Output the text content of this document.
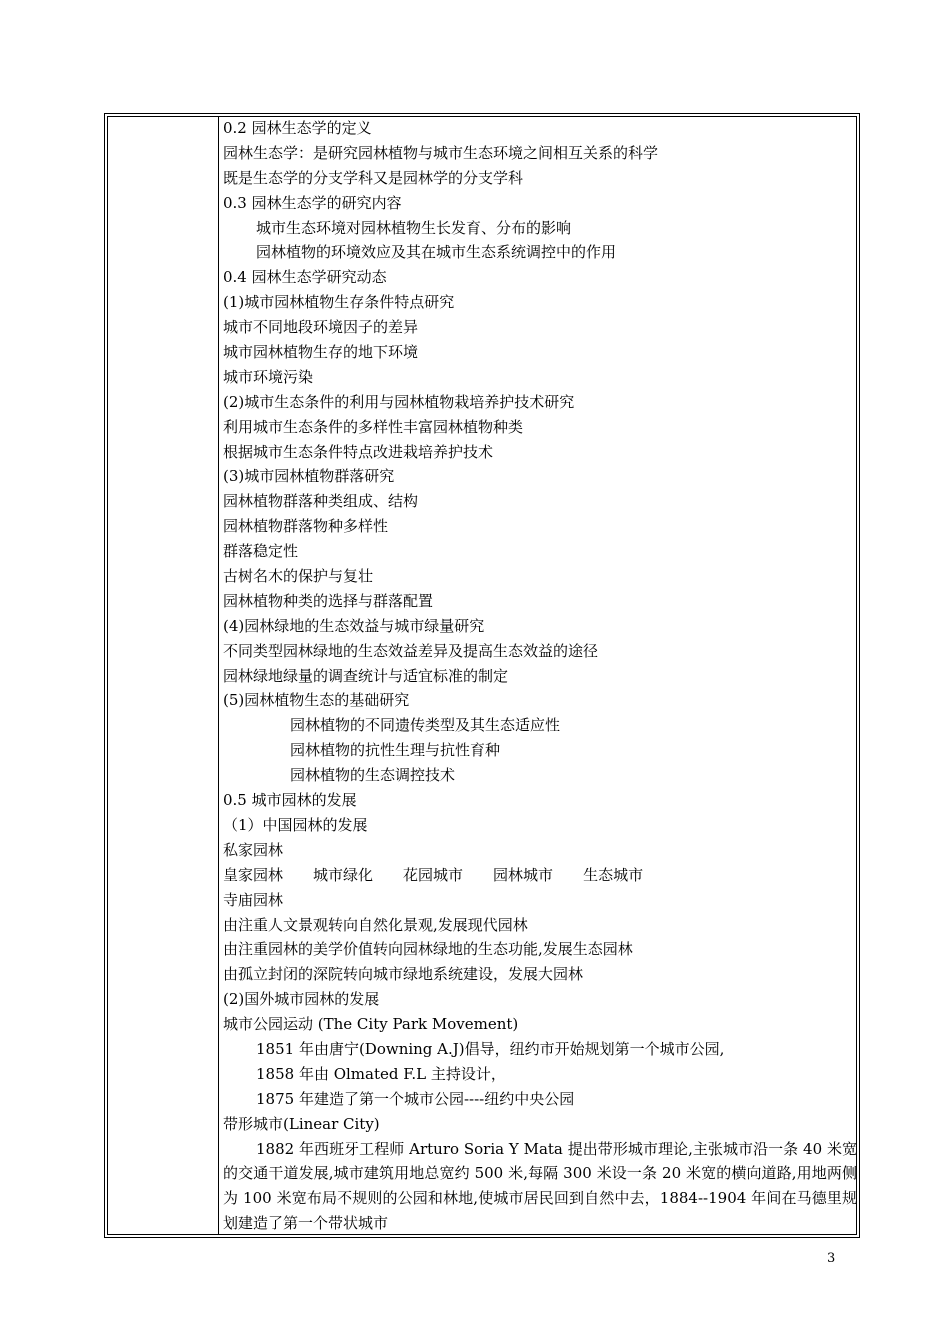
0.2 园林生态学的定义
园林生态学：是研究园林植物与城市生态环境之间相互关系的科学
既是生态学的分支学科又是园林学的分支学科
0.3 园林生态学的研究内容
城市生态环境对园林植物生长发育、分布的影响
园林植物的环境效应及其在城市生态系统调控中的作用
0.4 园林生态学研究动态
(1)城市园林植物生存条件特点研究
城市不同地段环境因子的差异
城市园林植物生存的地下环境
城市环境污染
(2)城市生态条件的利用与园林植物栽培养护技术研究
利用城市生态条件的多样性丰富园林植物种类
根据城市生态条件特点改进栽培养护技术
(3)城市园林植物群落研究
园林植物群落种类组成、结构
园林植物群落物种多样性
群落稳定性
古树名木的保护与复壮
园林植物种类的选择与群落配置
(4)园林绿地的生态效益与城市绿量研究
不同类型园林绿地的生态效益差异及提高生态效益的途径
园林绿地绿量的调查统计与适宜标准的制定
(5)园林植物生态的基础研究
园林植物的不同遗传类型及其生态适应性
园林植物的抗性生理与抗性育种
园林植物的生态调控技术
0.5 城市园林的发展
（1）中国园林的发展
私家园林
皇家园林 城市绿化 花园城市 园林城市 生态城市
寺庙园林
由注重人文景观转向自然化景观,发展现代园林
由注重园林的美学价值转向园林绿地的生态功能,发展生态园林
由孤立封闭的深院转向城市绿地系统建设，发展大园林
(2)国外城市园林的发展
城市公园运动 (The City Park Movement)
1851 年由唐宁(Downing A.J)倡导，纽约市开始规划第一个城市公园,
1858 年由 Olmated F.L 主持设计，
1875 年建造了第一个城市公园----纽约中央公园
带形城市(Linear City)
1882 年西班牙工程师 Arturo Soria Y Mata 提出带形城市理论,主张城市沿一条 40 米宽的交通干道发展,城市建筑用地总宽约 500 米,每隔 300 米设一条 20 米宽的横向道路,用地两侧为 100 米宽布局不规则的公园和林地,使城市居民回到自然中去，1884--1904 年间在马德里规划建造了第一个带状城市
3
